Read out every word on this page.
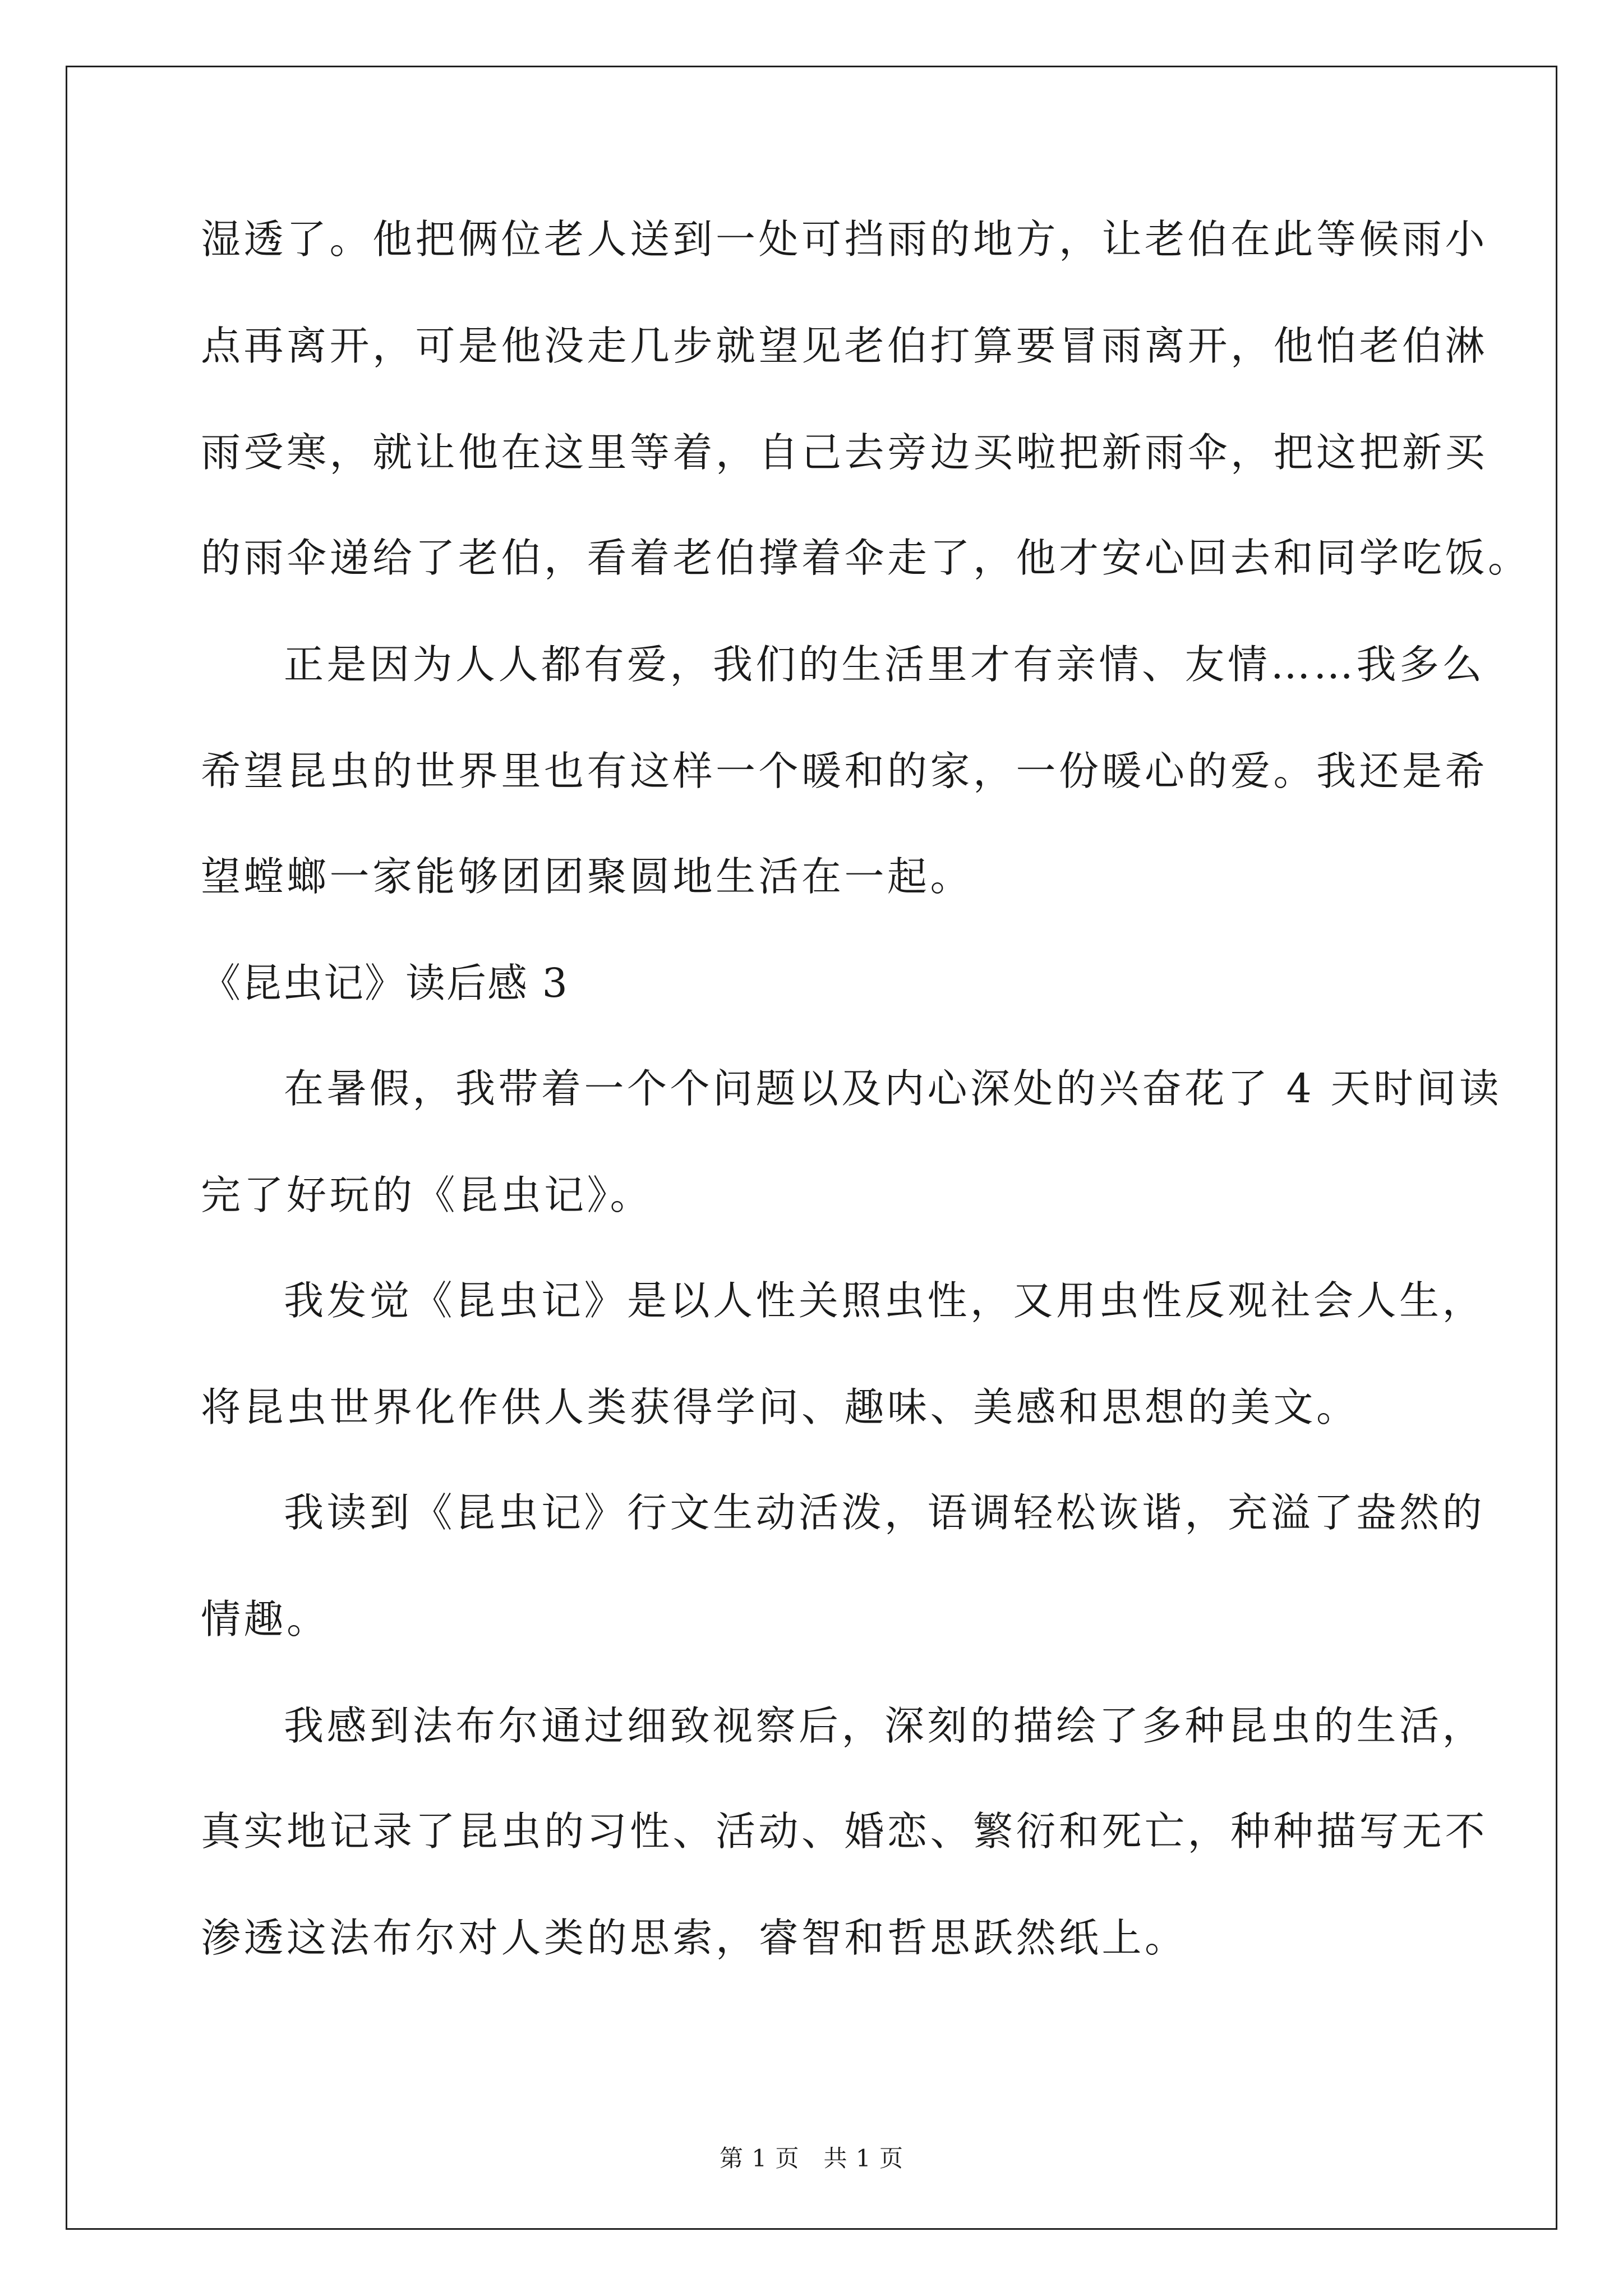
湿透了。他把俩位老人送到一处可挡雨的地方，让老伯在此等候雨小
点再离开，可是他没走几步就望见老伯打算要冒雨离开，他怕老伯淋
雨受寒，就让他在这里等着，自己去旁边买啦把新雨伞，把这把新买
的雨伞递给了老伯，看着老伯撑着伞走了，他才安心回去和同学吃饭。
正是因为人人都有爱，我们的生活里才有亲情、友情……我多么
希望昆虫的世界里也有这样一个暖和的家，一份暖心的爱。我还是希
望螳螂一家能够团团聚圆地生活在一起。
《昆虫记》读后感 3
在暑假，我带着一个个问题以及内心深处的兴奋花了 4 天时间读
完了好玩的《昆虫记》。
我发觉《昆虫记》是以人性关照虫性，又用虫性反观社会人生，
将昆虫世界化作供人类获得学问、趣味、美感和思想的美文。
我读到《昆虫记》行文生动活泼，语调轻松诙谐，充溢了盎然的
情趣。
我感到法布尔通过细致视察后，深刻的描绘了多种昆虫的生活，
真实地记录了昆虫的习性、活动、婚恋、繁衍和死亡，种种描写无不
渗透这法布尔对人类的思索，睿智和哲思跃然纸上。
第 1 页   共 1 页
